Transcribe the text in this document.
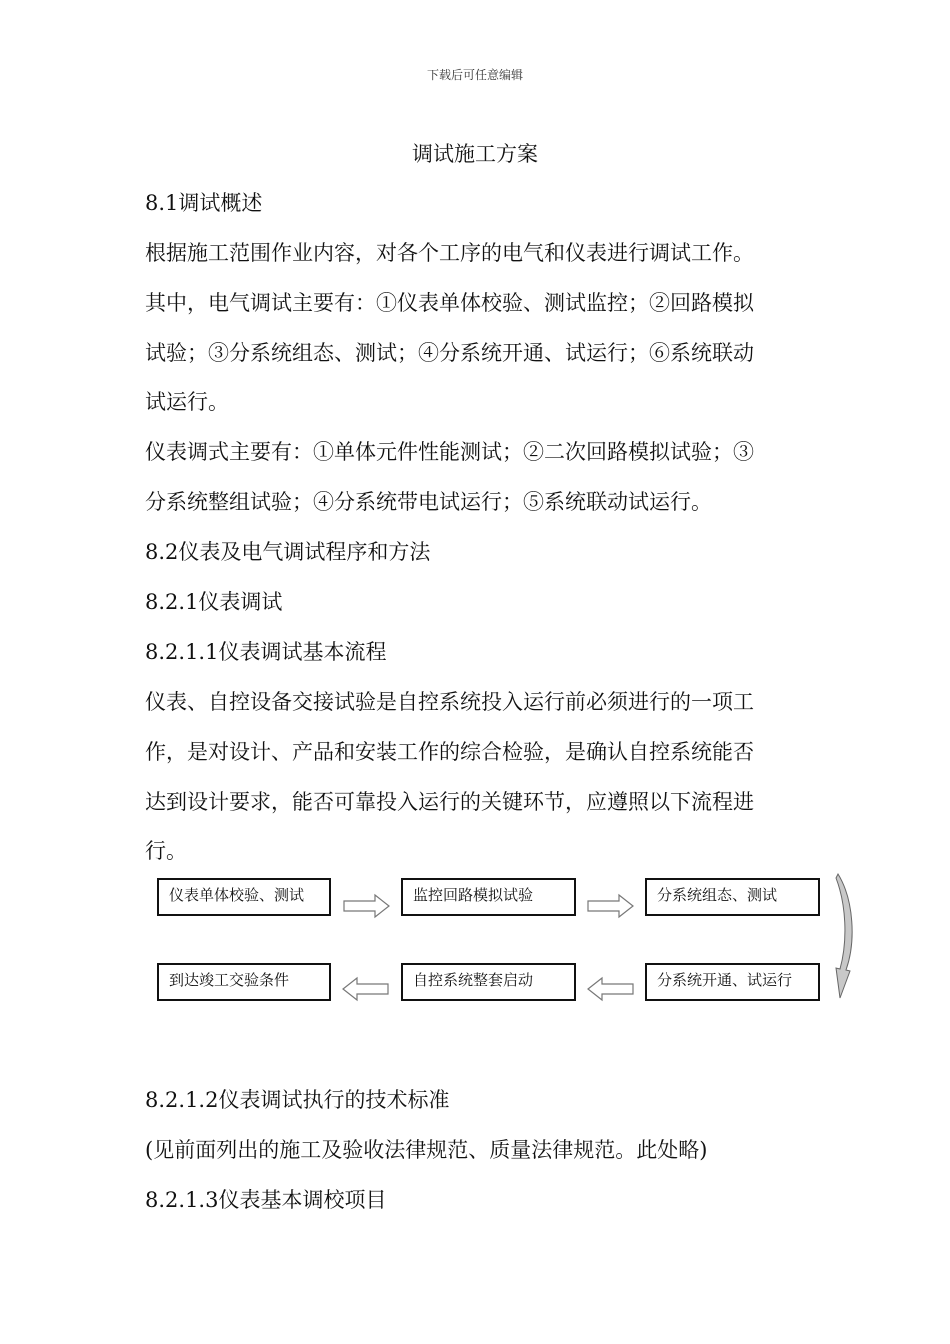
下载后可任意编辑
调试施工方案
8.1调试概述
根据施工范围作业内容，对各个工序的电气和仪表进行调试工作。
其中，电气调试主要有：①仪表单体校验、测试监控；②回路模拟
试验；③分系统组态、测试；④分系统开通、试运行；⑥系统联动
试运行。
仪表调式主要有：①单体元件性能测试；②二次回路模拟试验；③
分系统整组试验；④分系统带电试运行；⑤系统联动试运行。
8.2仪表及电气调试程序和方法
8.2.1仪表调试
8.2.1.1仪表调试基本流程
仪表、自控设备交接试验是自控系统投入运行前必须进行的一项工
作，是对设计、产品和安装工作的综合检验，是确认自控系统能否
达到设计要求，能否可靠投入运行的关键环节，应遵照以下流程进
行。
仪表单体校验、测试	监控回路模拟试验	分系统组态、测试
到达竣工交验条件	自控系统整套启动	分系统开通、试运行
8.2.1.2仪表调试执行的技术标准
(见前面列出的施工及验收法律规范、质量法律规范。此处略)
8.2.1.3仪表基本调校项目
